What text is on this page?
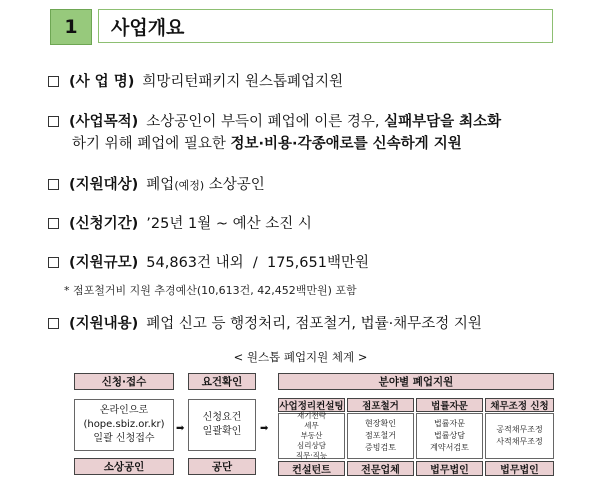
1	사업개요
(사 업 명) 희망리턴패키지 원스톱폐업지원
(사업목적) 소상공인이 부득이 폐업에 이른 경우, 실패부담을 최소화
하기 위해 폐업에 필요한 정보·비용·각종애로를 신속하게 지원
(지원대상) 폐업(예정) 소상공인
(신청기간) ’25년 1월 ~ 예산 소진 시
(지원규모) 54,863건 내외  /  175,651백만원
* 점포철거비 지원 추경예산(10,613건, 42,452백만원) 포함
(지원내용) 폐업 신고 등 행정처리, 점포철거, 법률·채무조정 지원
< 원스톱 폐업지원 체계 >
신청·접수
온라인으로
(hope.sbiz.or.kr)
일괄 신청접수
소상공인
➡
요건확인
신청요건
일괄확인
공단
➡
분야별 폐업지원
사업정리컨설팅
재기전략
세무
부동산
심리상담
직무·직능
컨설턴트
점포철거
현장확인
점포철거
증빙검토
전문업체
법률자문
법률자문
법률상담
계약서검토
법무법인
채무조정 신청
공적채무조정
사적채무조정
법무법인
